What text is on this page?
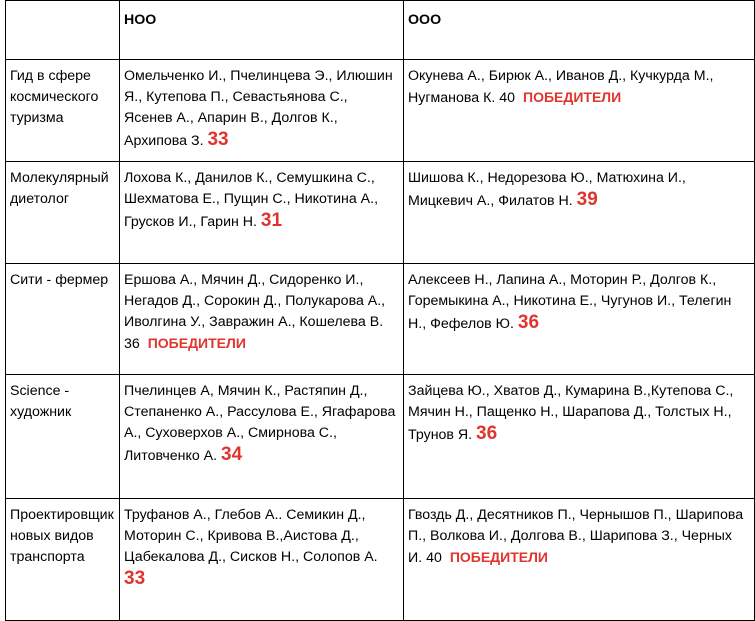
	НОО	ООО
Гид в сфере космического туризма	Омельченко И., Пчелинцева Э., Илюшин Я., Кутепова П., Севастьянова С., Ясенев А., Апарин В., Долгов К., Архипова З. 33	Окунева А., Бирюк А., Иванов Д., Кучкурда М., Нугманова К. 40 ПОБЕДИТЕЛИ
Молекулярный диетолог	Лохова К., Данилов К., Семушкина С., Шехматова Е., Пущин С., Никотина А., Грусков И., Гарин Н. 31	Шишова К., Недорезова Ю., Матюхина И., Мицкевич А., Филатов Н. 39
Сити - фермер	Ершова А., Мячин Д., Сидоренко И., Негадов Д., Сорокин Д., Полукарова А., Иволгина У., Завражин А., Кошелева В. 36 ПОБЕДИТЕЛИ	Алексеев Н., Лапина А., Моторин Р., Долгов К., Горемыкина А., Никотина Е., Чугунов И., Телегин Н., Фефелов Ю. 36
Science - художник	Пчелинцев А, Мячин К., Растяпин Д., Степаненко А., Рассулова Е., Ягафарова А., Суховерхов А., Смирнова С., Литовченко А. 34	Зайцева Ю., Хватов Д., Кумарина В.,Кутепова С., Мячин Н., Пащенко Н., Шарапова Д., Толстых Н., Трунов Я. 36
Проектировщик новых видов транспорта	Труфанов А., Глебов А.. Семикин Д., Моторин С., Кривова В.,Аистова Д., Цабекалова Д., Сисков Н., Солопов А. 33	Гвоздь Д., Десятников П., Чернышов П., Шарипова П., Волкова И., Долгова В., Шарипова З., Черных И. 40 ПОБЕДИТЕЛИ
